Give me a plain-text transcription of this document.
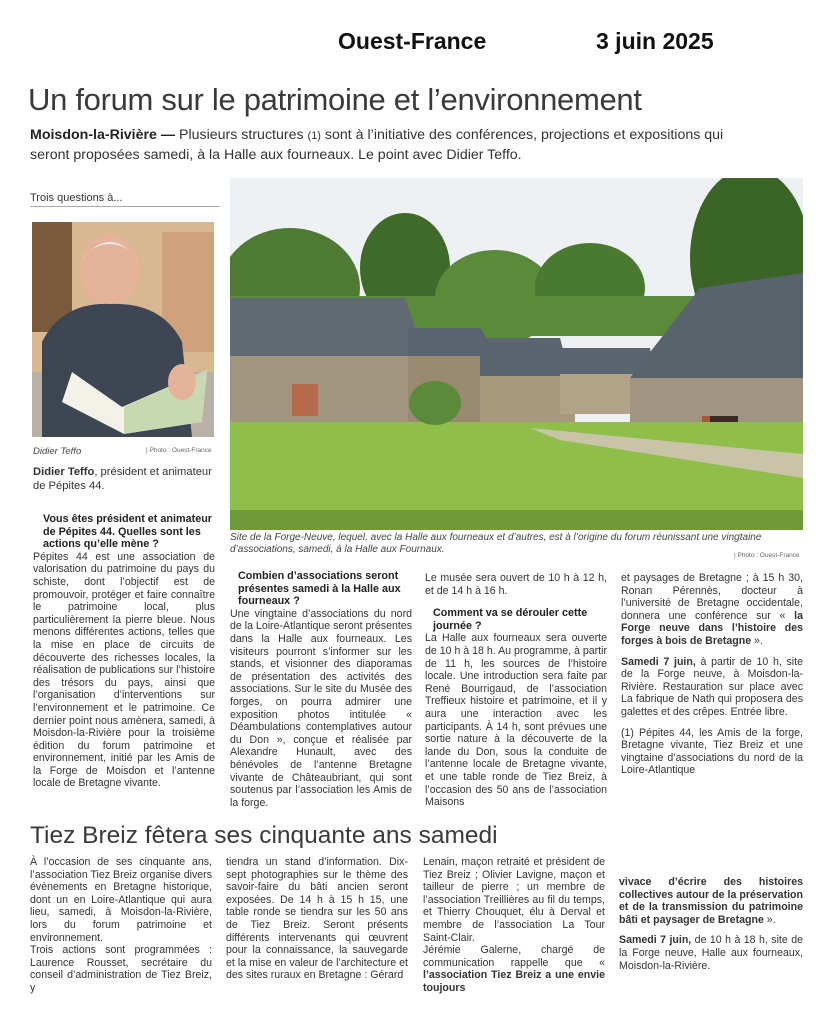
Ouest-France	3 juin 2025
Un forum sur le patrimoine et l’environnement
Moisdon-la-Rivière — Plusieurs structures (1) sont à l’initiative des conférences, projections et expositions qui seront proposées samedi, à la Halle aux fourneaux. Le point avec Didier Teffo.
Trois questions à...
Didier Teffo	| Photo : Ouest-France
Didier Teffo, président et animateur de Pépites 44.
Site de la Forge-Neuve, lequel, avec la Halle aux fourneaux et d’autres, est à l’origine du forum réunissant une vingtaine d’associations, samedi, à la Halle aux Fournaux.
| Photo : Ouest-France

Vous êtes président et animateur de Pépites 44. Quelles sont les actions qu’elle mène ?

Pépites 44 est une association de valorisation du patrimoine du pays du schiste, dont l’objectif est de promouvoir, protéger et faire connaître le patrimoine local, plus particulièrement la pierre bleue. Nous menons différentes actions, telles que la mise en place de circuits de découverte des richesses locales, la réalisation de publications sur l’histoire des trésors du pays, ainsi que l’organisation d’interventions sur l’environnement et le patrimoine. Ce dernier point nous amènera, samedi, à Moisdon-la-Rivière pour la troisième édition du forum patrimoine et environnement, initié par les Amis de la Forge de Moisdon et l’antenne locale de Bretagne vivante.

Combien d’associations seront présentes samedi à la Halle aux fourneaux ?

Une vingtaine d’associations du nord de la Loire-Atlantique seront présentes dans la Halle aux fourneaux. Les visiteurs pourront s’informer sur les stands, et visionner des diaporamas de présentation des activités des associations. Sur le site du Musée des forges, on pourra admirer une exposition photos intitulée « Déambulations contemplatives autour du Don », conçue et réalisée par Alexandre Hunault, avec des bénévoles de l’antenne Bretagne vivante de Châteaubriant, qui sont soutenus par l’association les Amis de la forge.

Le musée sera ouvert de 10 h à 12 h, et de 14 h à 16 h.

Comment va se dérouler cette journée ?

La Halle aux fourneaux sera ouverte de 10 h à 18 h. Au programme, à partir de 11 h, les sources de l’histoire locale. Une introduction sera faite par René Bourrigaud, de l’association Treffieux histoire et patrimoine, et il y aura une interaction avec les participants. À 14 h, sont prévues une sortie nature à la découverte de la lande du Don, sous la conduite de l’antenne locale de Bretagne vivante, et une table ronde de Tiez Breiz, à l’occasion des 50 ans de l’association Maisons

et paysages de Bretagne ; à 15 h 30, Ronan Pérennès, docteur à l’université de Bretagne occidentale, donnera une conférence sur « la Forge neuve dans l’histoire des forges à bois de Bretagne ».

Samedi 7 juin, à partir de 10 h, site de la Forge neuve, à Moisdon-la-Rivière. Restauration sur place avec La fabrique de Nath qui proposera des galettes et des crêpes. Entrée libre.

(1) Pépites 44, les Amis de la forge, Bretagne vivante, Tiez Breiz et une vingtaine d’associations du nord de la Loire-Atlantique

Tiez Breiz fêtera ses cinquante ans samedi

À l’occasion de ses cinquante ans, l’association Tiez Breiz organise divers évènements en Bretagne historique, dont un en Loire-Atlantique qui aura lieu, samedi, à Moisdon-la-Rivière, lors du forum patrimoine et environnement.

Trois actions sont programmées : Laurence Rousset, secrétaire du conseil d’administration de Tiez Breiz, y

tiendra un stand d’information. Dix-sept photographies sur le thème des savoir-faire du bâti ancien seront exposées. De 14 h à 15 h 15, une table ronde se tiendra sur les 50 ans de Tiez Breiz. Seront présents différents intervenants qui œuvrent pour la connaissance, la sauvegarde et la mise en valeur de l’architecture et des sites ruraux en Bretagne : Gérard

Lenain, maçon retraité et président de Tiez Breiz ; Olivier Lavigne, maçon et tailleur de pierre ; un membre de l’association Treillières au fil du temps, et Thierry Chouquet, élu à Derval et membre de l’association La Tour Saint-Clair.

Jérémie Galerne, chargé de communication rappelle que « l’association Tiez Breiz a une envie toujours

vivace d’écrire des histoires collectives autour de la préservation et de la transmission du patrimoine bâti et paysager de Bretagne ».

Samedi 7 juin, de 10 h à 18 h, site de la Forge neuve, Halle aux fourneaux, Moisdon-la-Rivière.
